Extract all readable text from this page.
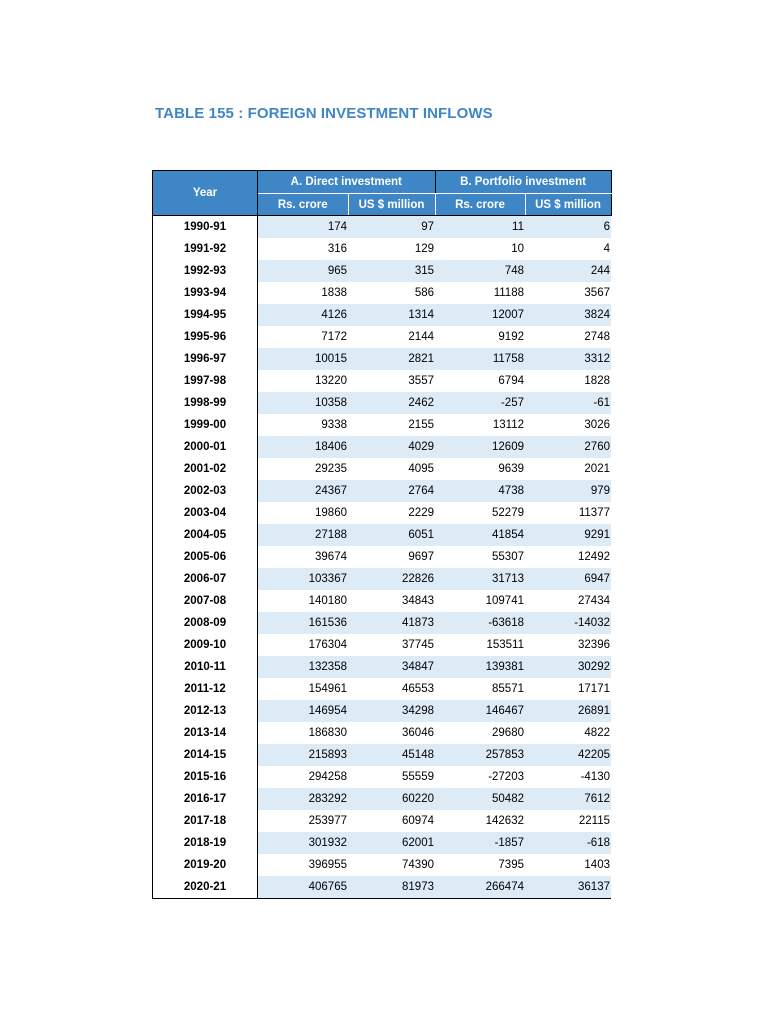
TABLE 155 : FOREIGN INVESTMENT INFLOWS
Year	A. Direct investment		B. Portfolio investment	
	Rs. crore	US $ million	Rs. crore	US $ million
1990-91	174	97	11	6
1991-92	316	129	10	4
1992-93	965	315	748	244
1993-94	1838	586	11188	3567
1994-95	4126	1314	12007	3824
1995-96	7172	2144	9192	2748
1996-97	10015	2821	11758	3312
1997-98	13220	3557	6794	1828
1998-99	10358	2462	-257	-61
1999-00	9338	2155	13112	3026
2000-01	18406	4029	12609	2760
2001-02	29235	4095	9639	2021
2002-03	24367	2764	4738	979
2003-04	19860	2229	52279	11377
2004-05	27188	6051	41854	9291
2005-06	39674	9697	55307	12492
2006-07	103367	22826	31713	6947
2007-08	140180	34843	109741	27434
2008-09	161536	41873	-63618	-14032
2009-10	176304	37745	153511	32396
2010-11	132358	34847	139381	30292
2011-12	154961	46553	85571	17171
2012-13	146954	34298	146467	26891
2013-14	186830	36046	29680	4822
2014-15	215893	45148	257853	42205
2015-16	294258	55559	-27203	-4130
2016-17	283292	60220	50482	7612
2017-18	253977	60974	142632	22115
2018-19	301932	62001	-1857	-618
2019-20	396955	74390	7395	1403
2020-21	406765	81973	266474	36137
